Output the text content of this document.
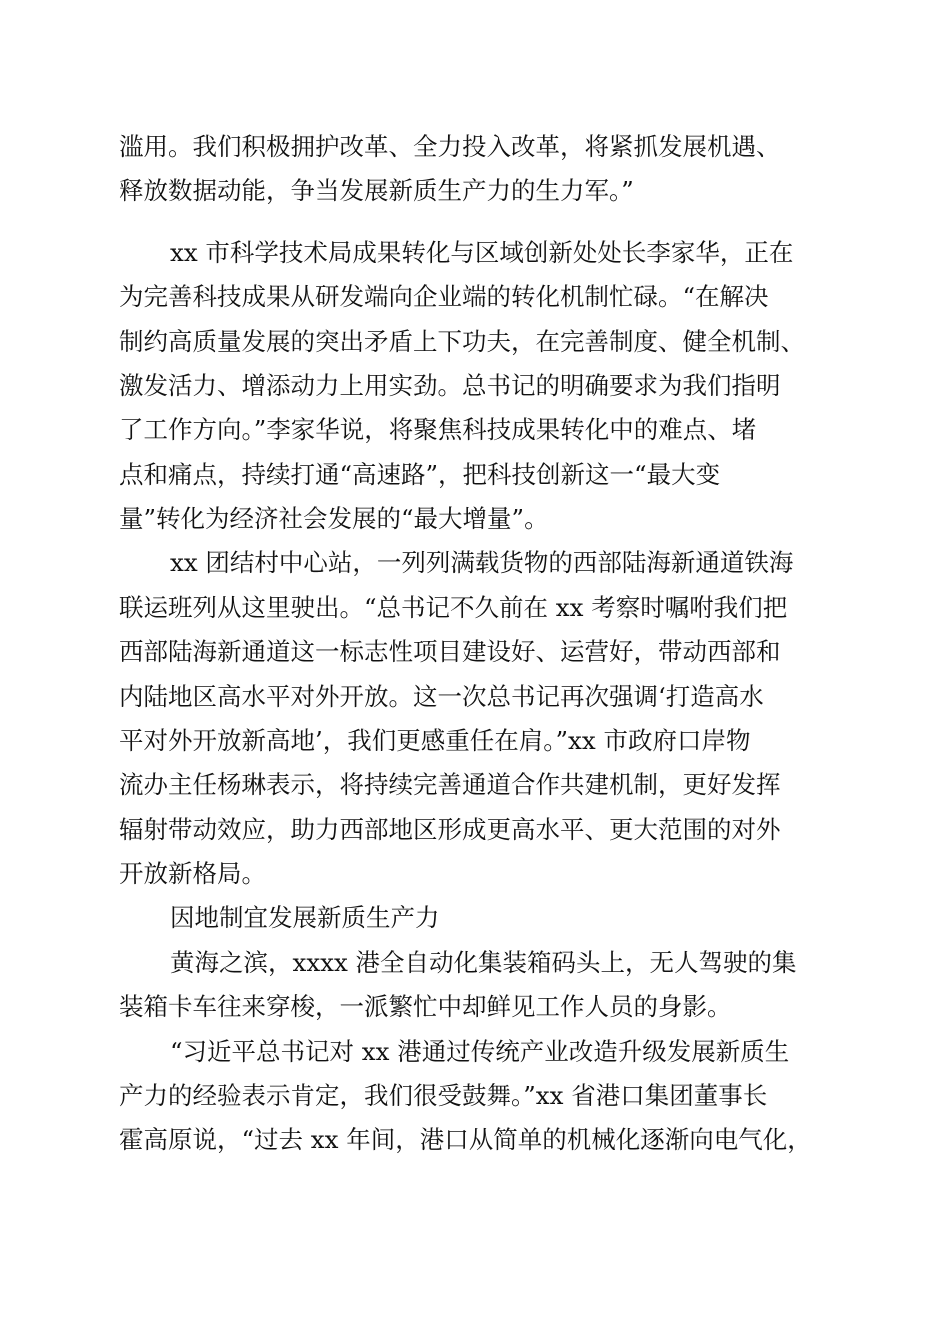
滥用。我们积极拥护改革、全力投入改革，将紧抓发展机遇、

释放数据动能，争当发展新质生产力的生力军。”

xx 市科学技术局成果转化与区域创新处处长李家华，正在

为完善科技成果从研发端向企业端的转化机制忙碌。“在解决

制约高质量发展的突出矛盾上下功夫，在完善制度、健全机制、

激发活力、增添动力上用实劲。总书记的明确要求为我们指明

了工作方向。”李家华说，将聚焦科技成果转化中的难点、堵

点和痛点，持续打通“高速路”，把科技创新这一“最大变

量”转化为经济社会发展的“最大增量”。

xx 团结村中心站，一列列满载货物的西部陆海新通道铁海

联运班列从这里驶出。“总书记不久前在 xx 考察时嘱咐我们把

西部陆海新通道这一标志性项目建设好、运营好，带动西部和

内陆地区高水平对外开放。这一次总书记再次强调‘打造高水

平对外开放新高地’，我们更感重任在肩。”xx 市政府口岸物

流办主任杨琳表示，将持续完善通道合作共建机制，更好发挥

辐射带动效应，助力西部地区形成更高水平、更大范围的对外

开放新格局。

因地制宜发展新质生产力

黄海之滨，xxxx 港全自动化集装箱码头上，无人驾驶的集

装箱卡车往来穿梭，一派繁忙中却鲜见工作人员的身影。

“习近平总书记对 xx 港通过传统产业改造升级发展新质生

产力的经验表示肯定，我们很受鼓舞。”xx 省港口集团董事长

霍高原说，“过去 xx 年间，港口从简单的机械化逐渐向电气化，
